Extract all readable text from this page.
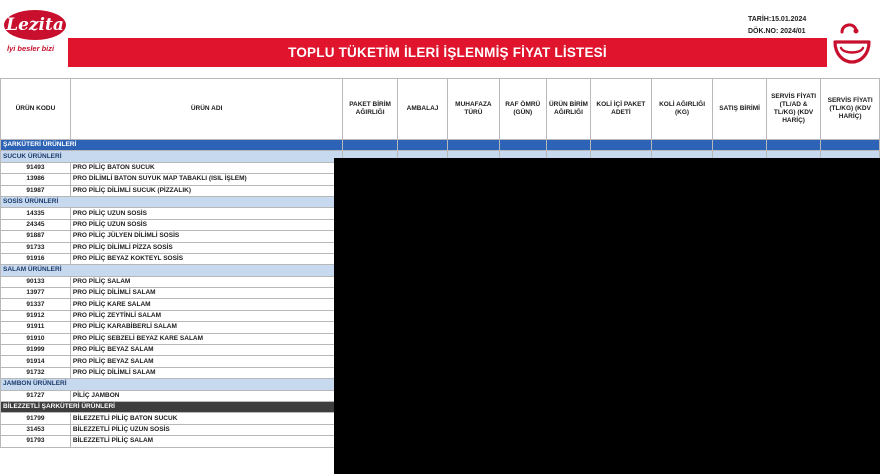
Lezita
İyi besler bizi
TARİH:15.01.2024
DÖK.NO: 2024/01
TOPLU TÜKETİM İLERİ İŞLENMİŞ FİYAT LİSTESİ
ÜRÜN KODU	ÜRÜN ADI	PAKET BİRİM AĞIRLIĞI	AMBALAJ	MUHAFAZA TÜRÜ	RAF ÖMRÜ (GÜN)	ÜRÜN BİRİM AĞIRLIĞI	KOLİ İÇİ PAKET ADETİ	KOLİ AĞIRLIĞI (KG)	SATIŞ BİRİMİ	SERVİS FİYATI (TL/AD & TL/KG) (KDV HARİÇ)	SERVİS FİYATI (TL/KG) (KDV HARİÇ)
ŞARKÜTERİ ÜRÜNLERİ											
SUCUK ÜRÜNLERİ											
91493	PRO PİLİÇ BATON SUCUK										
13986	PRO DİLİMLİ BATON SUYUK MAP TABAKLI (ISIL İŞLEM)										
91987	PRO PİLİÇ DİLİMLİ SUCUK (PİZZALIK)										
SOSİS ÜRÜNLERİ											
14335	PRO PİLİÇ UZUN SOSİS										
24345	PRO PİLİÇ UZUN SOSİS										
91887	PRO PİLİÇ JÜLYEN DİLİMLİ SOSİS										
91733	PRO PİLİÇ DİLİMLİ PİZZA SOSİS										
91916	PRO PİLİÇ BEYAZ KOKTEYL SOSİS										
SALAM ÜRÜNLERİ											
90133	PRO PİLİÇ SALAM										
13977	PRO PİLİÇ DİLİMLİ SALAM										
91337	PRO PİLİÇ KARE SALAM										
91912	PRO PİLİÇ ZEYTİNLİ SALAM										
91911	PRO PİLİÇ KARABİBERLİ SALAM										
91910	PRO PİLİÇ SEBZELİ BEYAZ KARE SALAM										
91999	PRO PİLİÇ BEYAZ SALAM										
91914	PRO PİLİÇ BEYAZ SALAM										
91732	PRO PİLİÇ DİLİMLİ SALAM										
JAMBON ÜRÜNLERİ											
91727	PİLİÇ JAMBON										
BİLEZZETLİ ŞARKÜTERİ ÜRÜNLERİ											
91799	BİLEZZETLİ PİLİÇ BATON SUCUK										
31453	BİLEZZETLİ PİLİÇ UZUN SOSİS										
91793	BİLEZZETLİ PİLİÇ SALAM										
